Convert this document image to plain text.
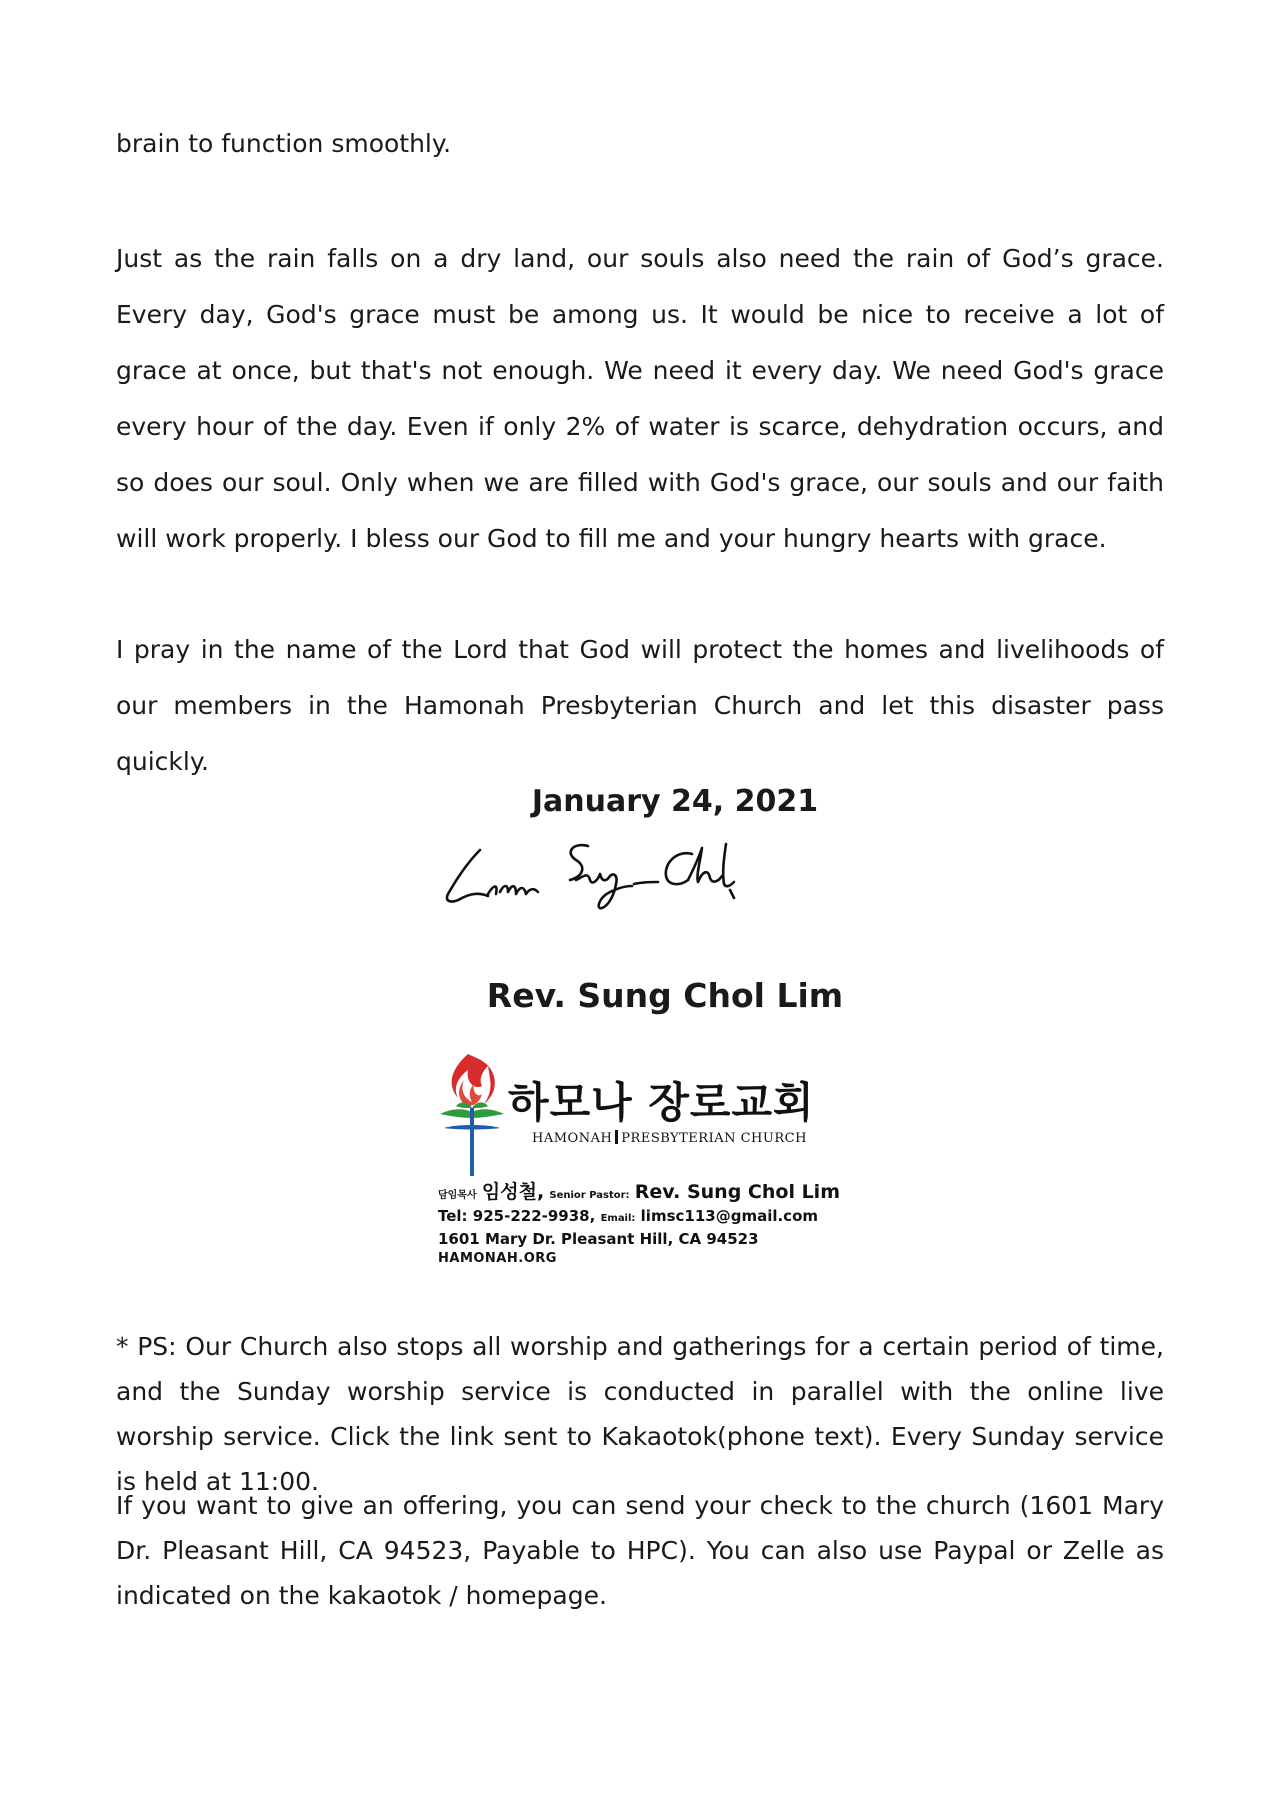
brain to function smoothly.

Just as the rain falls on a dry land, our souls also need the rain of God’s grace. Every day, God's grace must be among us. It would be nice to receive a lot of grace at once, but that's not enough. We need it every day. We need God's grace every hour of the day. Even if only 2% of water is scarce, dehydration occurs, and so does our soul. Only when we are filled with God's grace, our souls and our faith will work properly. I bless our God to fill me and your hungry hearts with grace.

I pray in the name of the Lord that God will protect the homes and livelihoods of our members in the Hamonah Presbyterian Church and let this disaster pass quickly.

* PS: Our Church also stops all worship and gatherings for a certain period of time, and the Sunday worship service is conducted in parallel with the online live worship service. Click the link sent to Kakaotok(phone text). Every Sunday service is held at 11:00.

If you want to give an offering, you can send your check to the church (1601 Mary Dr. Pleasant Hill, CA 94523, Payable to HPC). You can also use Paypal or Zelle as indicated on the kakaotok / homepage.

January 24, 2021

Rev. Sung Chol Lim

하모나 장로교회
HAMONAH PRESBYTERIAN CHURCH
담임목사 임성철, Senior Pastor: Rev. Sung Chol Lim
Tel: 925-222-9938, Email: limsc113@gmail.com
1601 Mary Dr. Pleasant Hill, CA 94523
HAMONAH.ORG
